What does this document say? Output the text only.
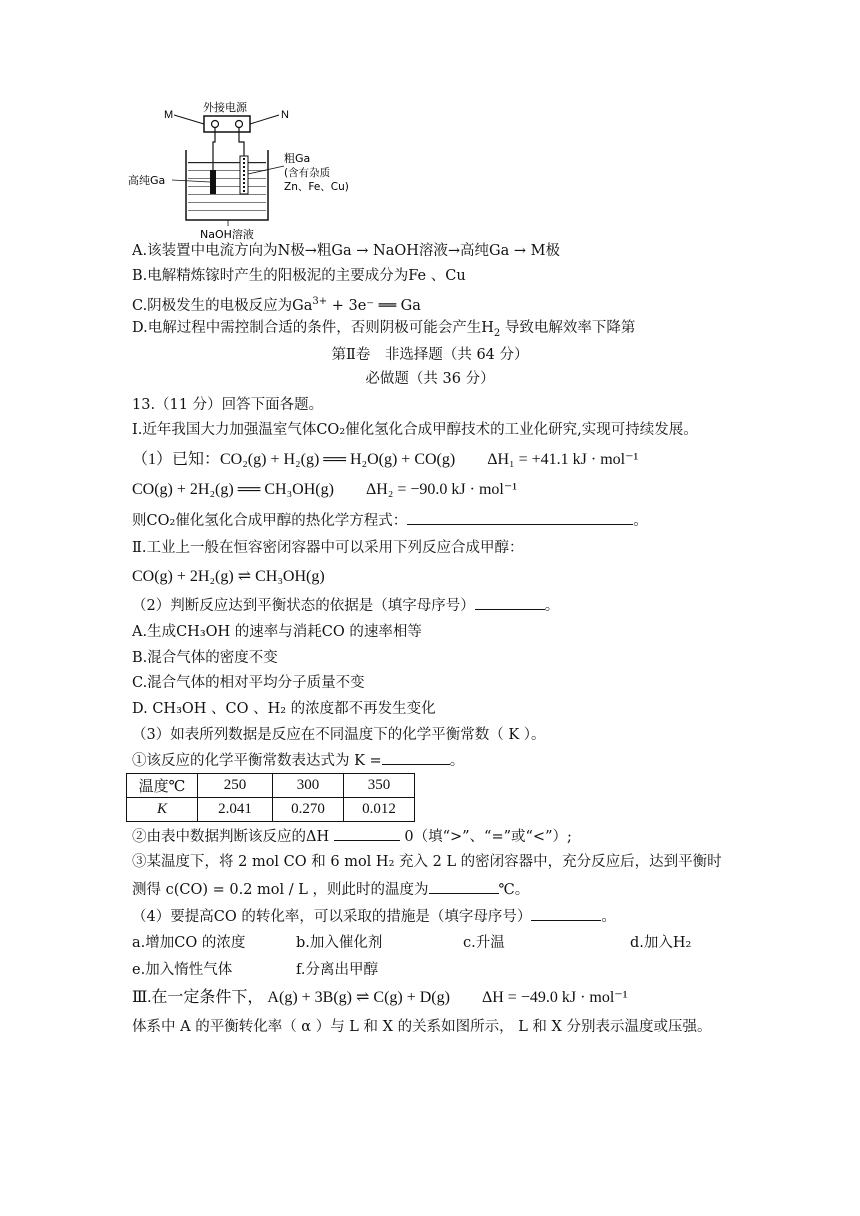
M	N
外接电源
高纯Ga
粗Ga
(含有杂质
Zn、Fe、Cu)
NaOH溶液
A.该装置中电流方向为N极→粗Ga → NaOH溶液→高纯Ga → M极
B.电解精炼镓时产生的阳极泥的主要成分为Fe 、Cu
C.阴极发生的电极反应为$Ga^{3+} + 3e^-$ ══ Ga
D.电解过程中需控制合适的条件，否则阴极可能会产生$H_2$ 导致电解效率下降第
第Ⅱ卷　非选择题（共 64 分）
必做题（共 36 分）
13.（11 分）回答下面各题。
Ⅰ.近年我国大力加强温室气体CO₂催化氢化合成甲醇技术的工业化研究,实现可持续发展。
（1）已知：CO₂(g) + H₂(g) ══ H₂O(g) + CO(g)　　ΔH₁ = +41.1 kJ · mol⁻¹
CO(g) + 2H₂(g) ══ CH₃OH(g)　　ΔH₂ = −90.0 kJ · mol⁻¹
则CO₂催化氢化合成甲醇的热化学方程式：	。
Ⅱ.工业上一般在恒容密闭容器中可以采用下列反应合成甲醇：
CO(g) + 2H₂(g) ⇌ CH₃OH(g)
（2）判断反应达到平衡状态的依据是（填字母序号）	。
A.生成CH₃OH 的速率与消耗CO 的速率相等
B.混合气体的密度不变
C.混合气体的相对平均分子质量不变
D. CH₃OH 、CO 、H₂ 的浓度都不再发生变化
（3）如表所列数据是反应在不同温度下的化学平衡常数（ K ）。
①该反应的化学平衡常数表达式为 K =	。
温度℃	250	300	350
K	2.041	0.270	0.012
②由表中数据判断该反应的ΔH	0（填“>”、“=”或“<”）;
③某温度下，将 2 mol CO 和 6 mol H₂ 充入 2 L 的密闭容器中，充分反应后，达到平衡时
测得 c(CO) = 0.2 mol / L ，则此时的温度为	℃。
（4）要提高CO 的转化率，可以采取的措施是（填字母序号）	。
a.增加CO 的浓度	b.加入催化剂	c.升温	d.加入H₂
e.加入惰性气体	f.分离出甲醇
Ⅲ.在一定条件下， A(g) + 3B(g) ⇌ C(g) + D(g)　　ΔH = −49.0 kJ · mol⁻¹
体系中 A 的平衡转化率（ α ）与 L 和 X 的关系如图所示， L 和 X 分别表示温度或压强。
